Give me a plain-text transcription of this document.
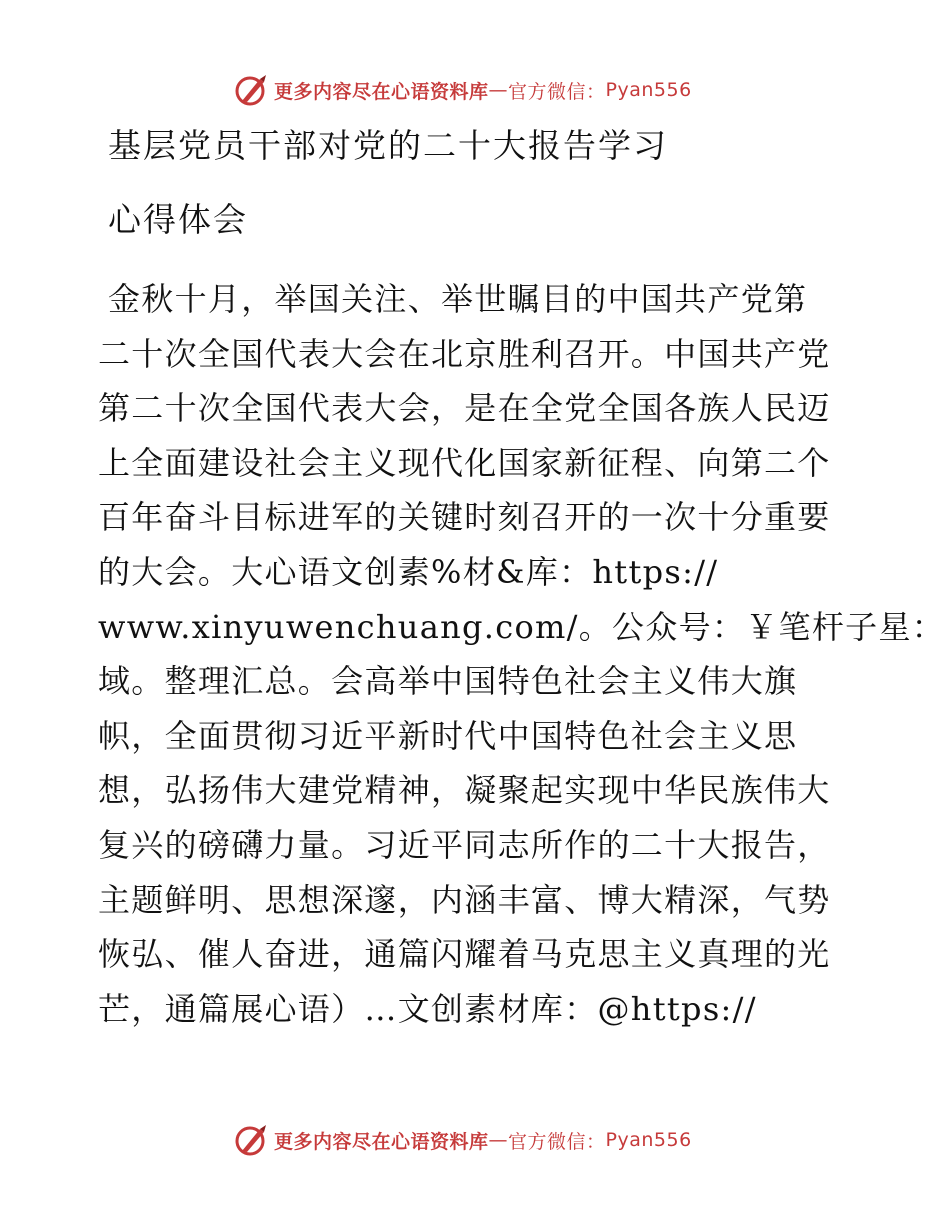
更多内容尽在心语资料库 — 官方微信： Pyan556
基层党员干部对党的二十大报告学习
心得体会
金秋十月，举国关注、举世瞩目的中国共产党第
二十次全国代表大会在北京胜利召开。中国共产党
第二十次全国代表大会，是在全党全国各族人民迈
上全面建设社会主义现代化国家新征程、向第二个
百年奋斗目标进军的关键时刻召开的一次十分重要
的大会。大心语文创素%材&库：https://
www.xinyuwenchuang.com/。公众号：￥笔杆子星：
域。整理汇总。会高举中国特色社会主义伟大旗
帜，全面贯彻习近平新时代中国特色社会主义思
想，弘扬伟大建党精神，凝聚起实现中华民族伟大
复兴的磅礴力量。习近平同志所作的二十大报告，
主题鲜明、思想深邃，内涵丰富、博大精深，气势
恢弘、催人奋进，通篇闪耀着马克思主义真理的光
芒，通篇展心语）…文创素材库：@https://
更多内容尽在心语资料库 — 官方微信： Pyan556
